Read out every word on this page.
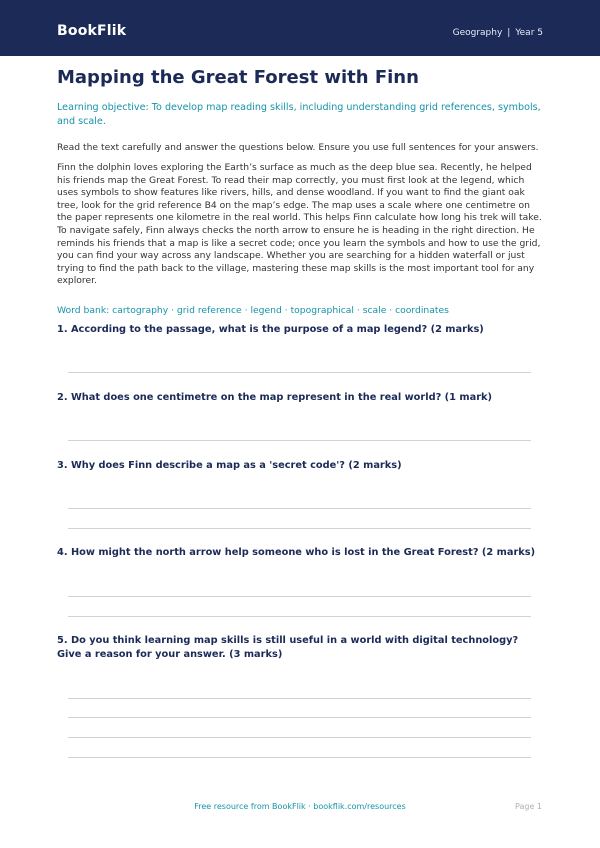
BookFlik	Geography | Year 5
Mapping the Great Forest with Finn

Learning objective: To develop map reading skills, including understanding grid references, symbols, and scale.

Read the text carefully and answer the questions below. Ensure you use full sentences for your answers.

Finn the dolphin loves exploring the Earth’s surface as much as the deep blue sea. Recently, he helped his friends map the Great Forest. To read their map correctly, you must first look at the legend, which uses symbols to show features like rivers, hills, and dense woodland. If you want to find the giant oak tree, look for the grid reference B4 on the map’s edge. The map uses a scale where one centimetre on the paper represents one kilometre in the real world. This helps Finn calculate how long his trek will take. To navigate safely, Finn always checks the north arrow to ensure he is heading in the right direction. He reminds his friends that a map is like a secret code; once you learn the symbols and how to use the grid, you can find your way across any landscape. Whether you are searching for a hidden waterfall or just trying to find the path back to the village, mastering these map skills is the most important tool for any explorer.

Word bank: cartography · grid reference · legend · topographical · scale · coordinates

1. According to the passage, what is the purpose of a map legend? (2 marks)
2. What does one centimetre on the map represent in the real world? (1 mark)
3. Why does Finn describe a map as a 'secret code'? (2 marks)
4. How might the north arrow help someone who is lost in the Great Forest? (2 marks)
5. Do you think learning map skills is still useful in a world with digital technology? Give a reason for your answer. (3 marks)
Free resource from BookFlik · bookflik.com/resources	Page 1
